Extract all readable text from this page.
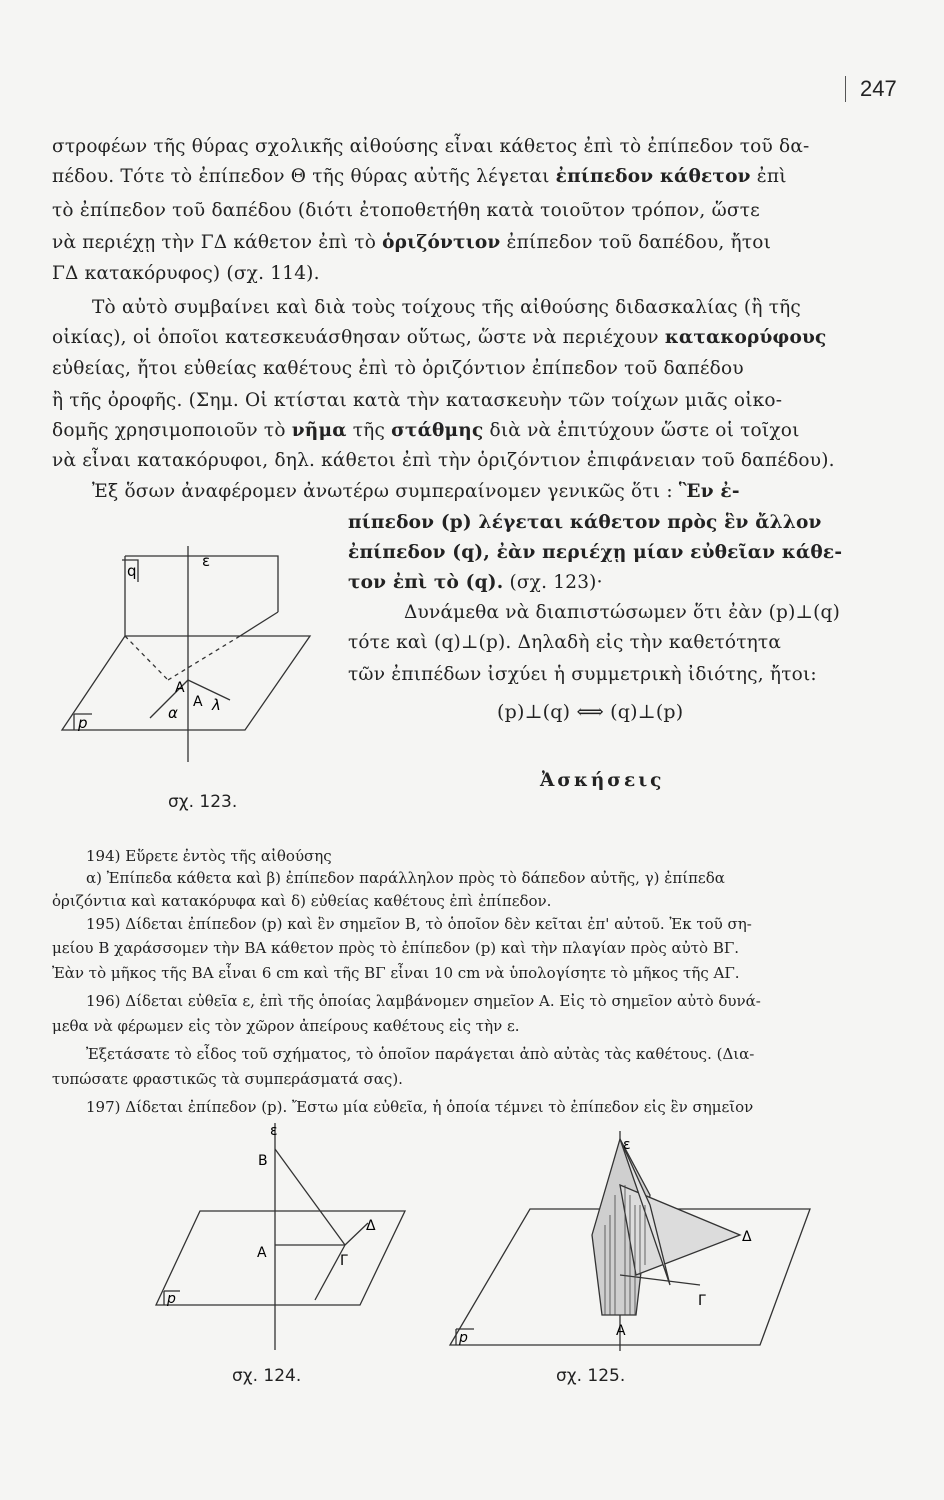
247
στροφέων τῆς θύρας σχολικῆς αἰθούσης εἶναι κάθετος ἐπὶ τὸ ἐπίπεδον τοῦ δα-
πέδου. Τότε τὸ ἐπίπεδον Θ τῆς θύρας αὐτῆς λέγεται ἐπίπεδον κάθετον ἐπὶ
τὸ ἐπίπεδον τοῦ δαπέδου (διότι ἐτοποθετήθη κατὰ τοιοῦτον τρόπον, ὥστε
νὰ περιέχῃ τὴν ΓΔ κάθετον ἐπὶ τὸ ὁριζόντιον ἐπίπεδον τοῦ δαπέδου, ἤτοι
ΓΔ κατακόρυφος) (σχ. 114).
Τὸ αὐτὸ συμβαίνει καὶ διὰ τοὺς τοίχους τῆς αἰθούσης διδασκαλίας (ἢ τῆς
οἰκίας), οἱ ὁποῖοι κατεσκευάσθησαν οὕτως, ὥστε νὰ περιέχουν κατακορύφους
εὐθείας, ἤτοι εὐθείας καθέτους ἐπὶ τὸ ὁριζόντιον ἐπίπεδον τοῦ δαπέδου
ἢ τῆς ὀροφῆς. (Σημ. Οἱ κτίσται κατὰ τὴν κατασκευὴν τῶν τοίχων μιᾶς οἰκο-
δομῆς χρησιμοποιοῦν τὸ νῆμα τῆς στάθμης διὰ νὰ ἐπιτύχουν ὥστε οἱ τοῖχοι
νὰ εἶναι κατακόρυφοι, δηλ. κάθετοι ἐπὶ τὴν ὁριζόντιον ἐπιφάνειαν τοῦ δαπέδου).
Ἐξ ὅσων ἀναφέρομεν ἀνωτέρω συμπεραίνομεν γενικῶς ὅτι : Ἓν ἐ-
πίπεδον (p) λέγεται κάθετον πρὸς ἓν ἄλλον
ἐπίπεδον (q), ἐὰν περιέχῃ μίαν εὐθεῖαν κάθε-
τον ἐπὶ τὸ (q). (σχ. 123)·
Δυνάμεθα νὰ διαπιστώσωμεν ὅτι ἐὰν (p)⊥(q)
τότε καὶ (q)⊥(p). Δηλαδὴ εἰς τὴν καθετότητα
τῶν ἐπιπέδων ἰσχύει ἡ συμμετρικὴ ἰδιότης, ἤτοι:
(p)⊥(q) ⟺ (q)⊥(p)
Ἀσκήσεις
ε
q
p
A
A
α λ
σχ. 123.
194) Εὕρετε ἐντὸς τῆς αἰθούσης
α) Ἐπίπεδα κάθετα καὶ β) ἐπίπεδον παράλληλον πρὸς τὸ δάπεδον αὐτῆς, γ) ἐπίπεδα
ὁριζόντια καὶ κατακόρυφα καὶ δ) εὐθείας καθέτους ἐπὶ ἐπίπεδον.
195) Δίδεται ἐπίπεδον (p) καὶ ἓν σημεῖον Β, τὸ ὁποῖον δὲν κεῖται ἐπ' αὐτοῦ. Ἐκ τοῦ ση-
μείου Β χαράσσομεν τὴν ΒΑ κάθετον πρὸς τὸ ἐπίπεδον (p) καὶ τὴν πλαγίαν πρὸς αὐτὸ ΒΓ.
Ἐὰν τὸ μῆκος τῆς ΒΑ εἶναι 6 cm καὶ τῆς ΒΓ εἶναι 10 cm νὰ ὑπολογίσητε τὸ μῆκος τῆς ΑΓ.
196) Δίδεται εὐθεῖα ε, ἐπὶ τῆς ὁποίας λαμβάνομεν σημεῖον Α. Εἰς τὸ σημεῖον αὐτὸ δυνά-
μεθα νὰ φέρωμεν εἰς τὸν χῶρον ἀπείρους καθέτους εἰς τὴν ε.
Ἐξετάσατε τὸ εἶδος τοῦ σχήματος, τὸ ὁποῖον παράγεται ἀπὸ αὐτὰς τὰς καθέτους. (Δια-
τυπώσατε φραστικῶς τὰ συμπεράσματά σας).
197) Δίδεται ἐπίπεδον (p). Ἔστω μία εὐθεῖα, ἡ ὁποία τέμνει τὸ ἐπίπεδον εἰς ἓν σημεῖον
ε
B
A	Γ
Δ
p
σχ. 124.
ε
A
Γ
Δ
p
σχ. 125.
